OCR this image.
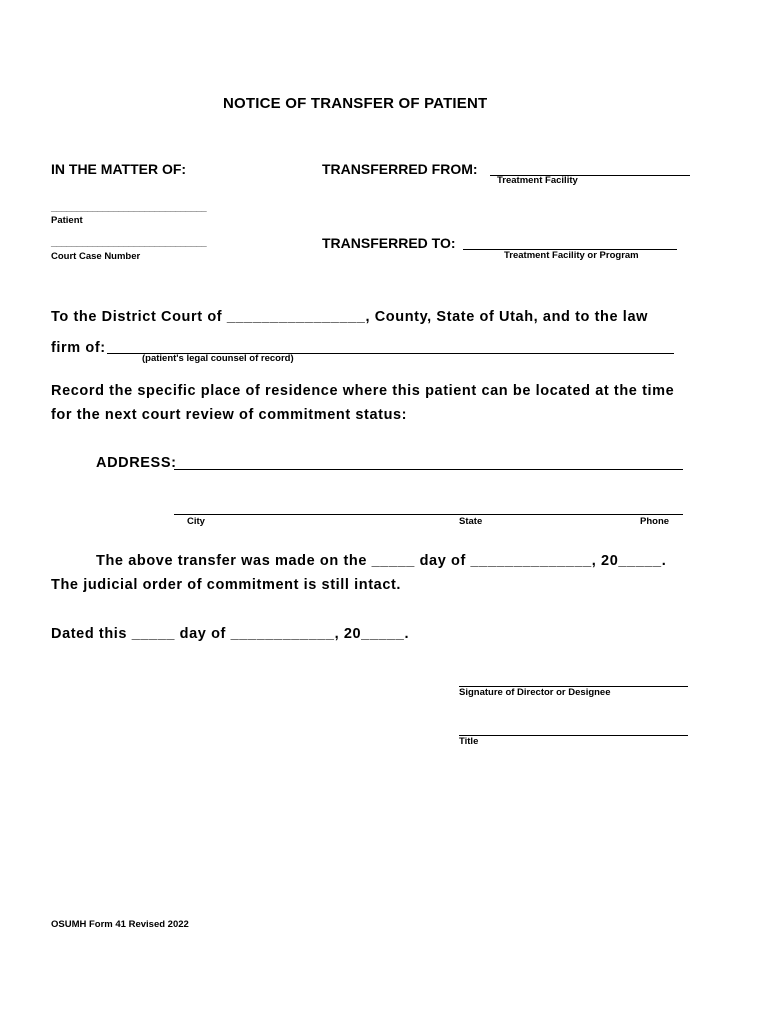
NOTICE OF TRANSFER OF PATIENT
IN THE MATTER OF:	TRANSFERRED FROM:
Treatment Facility
______________________________
Patient
______________________________
Court Case Number
TRANSFERRED TO:
Treatment Facility or Program
To the District Court of ________________, County, State of Utah, and to the law
firm of:
(patient's legal counsel of record)
Record the specific place of residence where this patient can be located at the time
for the next court review of commitment status:
ADDRESS:
City	State	Phone
The above transfer was made on the _____ day of ______________, 20_____.
The judicial order of commitment is still intact.
Dated this _____ day of ____________, 20_____.
Signature of Director or Designee
Title
OSUMH Form 41 Revised 2022
